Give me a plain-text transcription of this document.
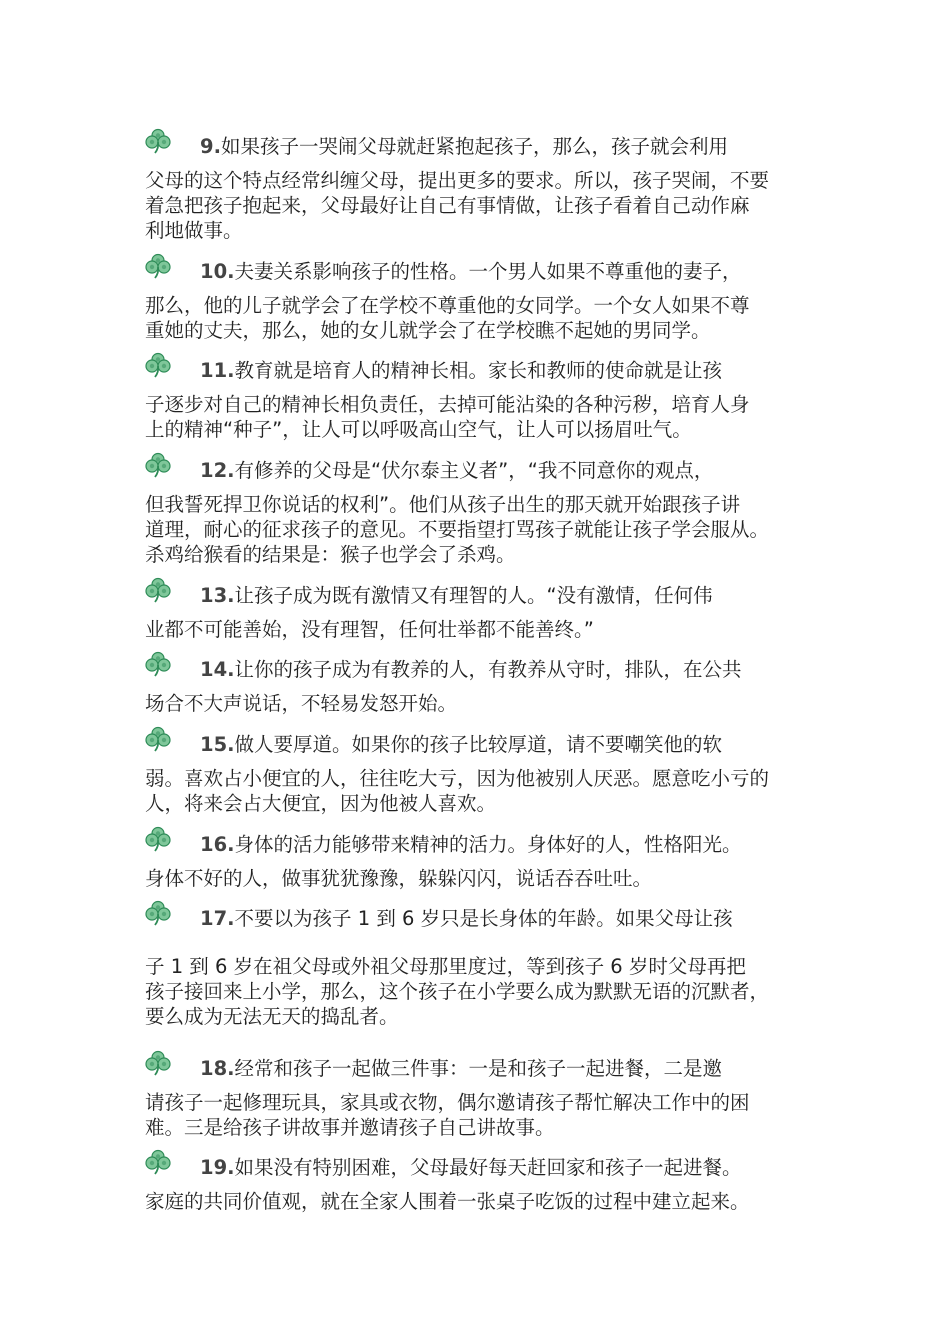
9.如果孩子一哭闹父母就赶紧抱起孩子，那么，孩子就会利用
父母的这个特点经常纠缠父母，提出更多的要求。所以，孩子哭闹，不要
着急把孩子抱起来，父母最好让自己有事情做，让孩子看着自己动作麻
利地做事。
10.夫妻关系影响孩子的性格。一个男人如果不尊重他的妻子，
那么，他的儿子就学会了在学校不尊重他的女同学。一个女人如果不尊
重她的丈夫，那么，她的女儿就学会了在学校瞧不起她的男同学。
11.教育就是培育人的精神长相。家长和教师的使命就是让孩
子逐步对自己的精神长相负责任，去掉可能沾染的各种污秽，培育人身
上的精神“种子”，让人可以呼吸高山空气，让人可以扬眉吐气。
12.有修养的父母是“伏尔泰主义者”，“我不同意你的观点，
但我誓死捍卫你说话的权利”。他们从孩子出生的那天就开始跟孩子讲
道理，耐心的征求孩子的意见。不要指望打骂孩子就能让孩子学会服从。
杀鸡给猴看的结果是：猴子也学会了杀鸡。
13.让孩子成为既有激情又有理智的人。“没有激情，任何伟
业都不可能善始，没有理智，任何壮举都不能善终。”
14.让你的孩子成为有教养的人，有教养从守时，排队，在公共
场合不大声说话，不轻易发怒开始。
15.做人要厚道。如果你的孩子比较厚道，请不要嘲笑他的软
弱。喜欢占小便宜的人，往往吃大亏，因为他被别人厌恶。愿意吃小亏的
人，将来会占大便宜，因为他被人喜欢。
16.身体的活力能够带来精神的活力。身体好的人，性格阳光。
身体不好的人，做事犹犹豫豫，躲躲闪闪，说话吞吞吐吐。
17.不要以为孩子 1 到 6 岁只是长身体的年龄。如果父母让孩
子 1 到 6 岁在祖父母或外祖父母那里度过，等到孩子 6 岁时父母再把
孩子接回来上小学，那么，这个孩子在小学要么成为默默无语的沉默者，
要么成为无法无天的捣乱者。
18.经常和孩子一起做三件事：一是和孩子一起进餐，二是邀
请孩子一起修理玩具，家具或衣物，偶尔邀请孩子帮忙解决工作中的困
难。三是给孩子讲故事并邀请孩子自己讲故事。
19.如果没有特别困难，父母最好每天赶回家和孩子一起进餐。
家庭的共同价值观，就在全家人围着一张桌子吃饭的过程中建立起来。
